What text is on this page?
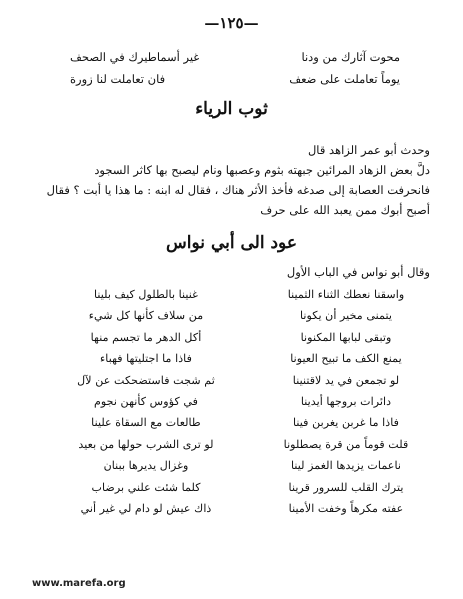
—١٢٥—
غير أسماطيرك في الصحف	محوت آثارك من ودنا
فان تعاملت لنا زورة	يوماً تعاملت على ضعف
ثوب الرياء

وحدث أبو عمر الزاهد قال

دلَّ بعض الزهاد المرائين جبهته بثوم وعصبها ونام ليصبح بها كاثر السجود

فانحرفت العصابة إلى صدغه فأخذ الأثر هناك ، فقال له ابنه : ما هذا يا أبت ؟ فقال

أصبح أبوك ممن يعبد الله على حرف

عود الى أبي نواس

وقال أبو نواس في الباب الأول

غنينا بالطلول كيف بلينا	واسقنا نعطك الثناء الثمينا
من سلاف كأنها كل شيء	يتمنى مخير أن يكونا
أكل الدهر ما تجسم منها	وتبقى لبابها المكنونا
فاذا ما اجتليتها فهباء	يمنع الكف ما تبيح العيونا
ثم شجت فاستضحكت عن لآل	لو تجمعن في يد لاقتنينا
في كؤوس كأنهن نجوم	دائرات بروجها أيدينا
طالعات مع السقاة علينا	فاذا ما غربن يغربن فينا
لو ترى الشرب حولها من بعيد	قلت قوماً من قرة يصطلونا
وغزال يديرها ببنان	ناعمات يزيدها الغمز لينا
كلما شئت علني برضاب	يترك القلب للسرور قرينا
ذاك عيش لو دام لي غير أني	عفته مكرهاً وخفت الأمينا
www.marefa.org
